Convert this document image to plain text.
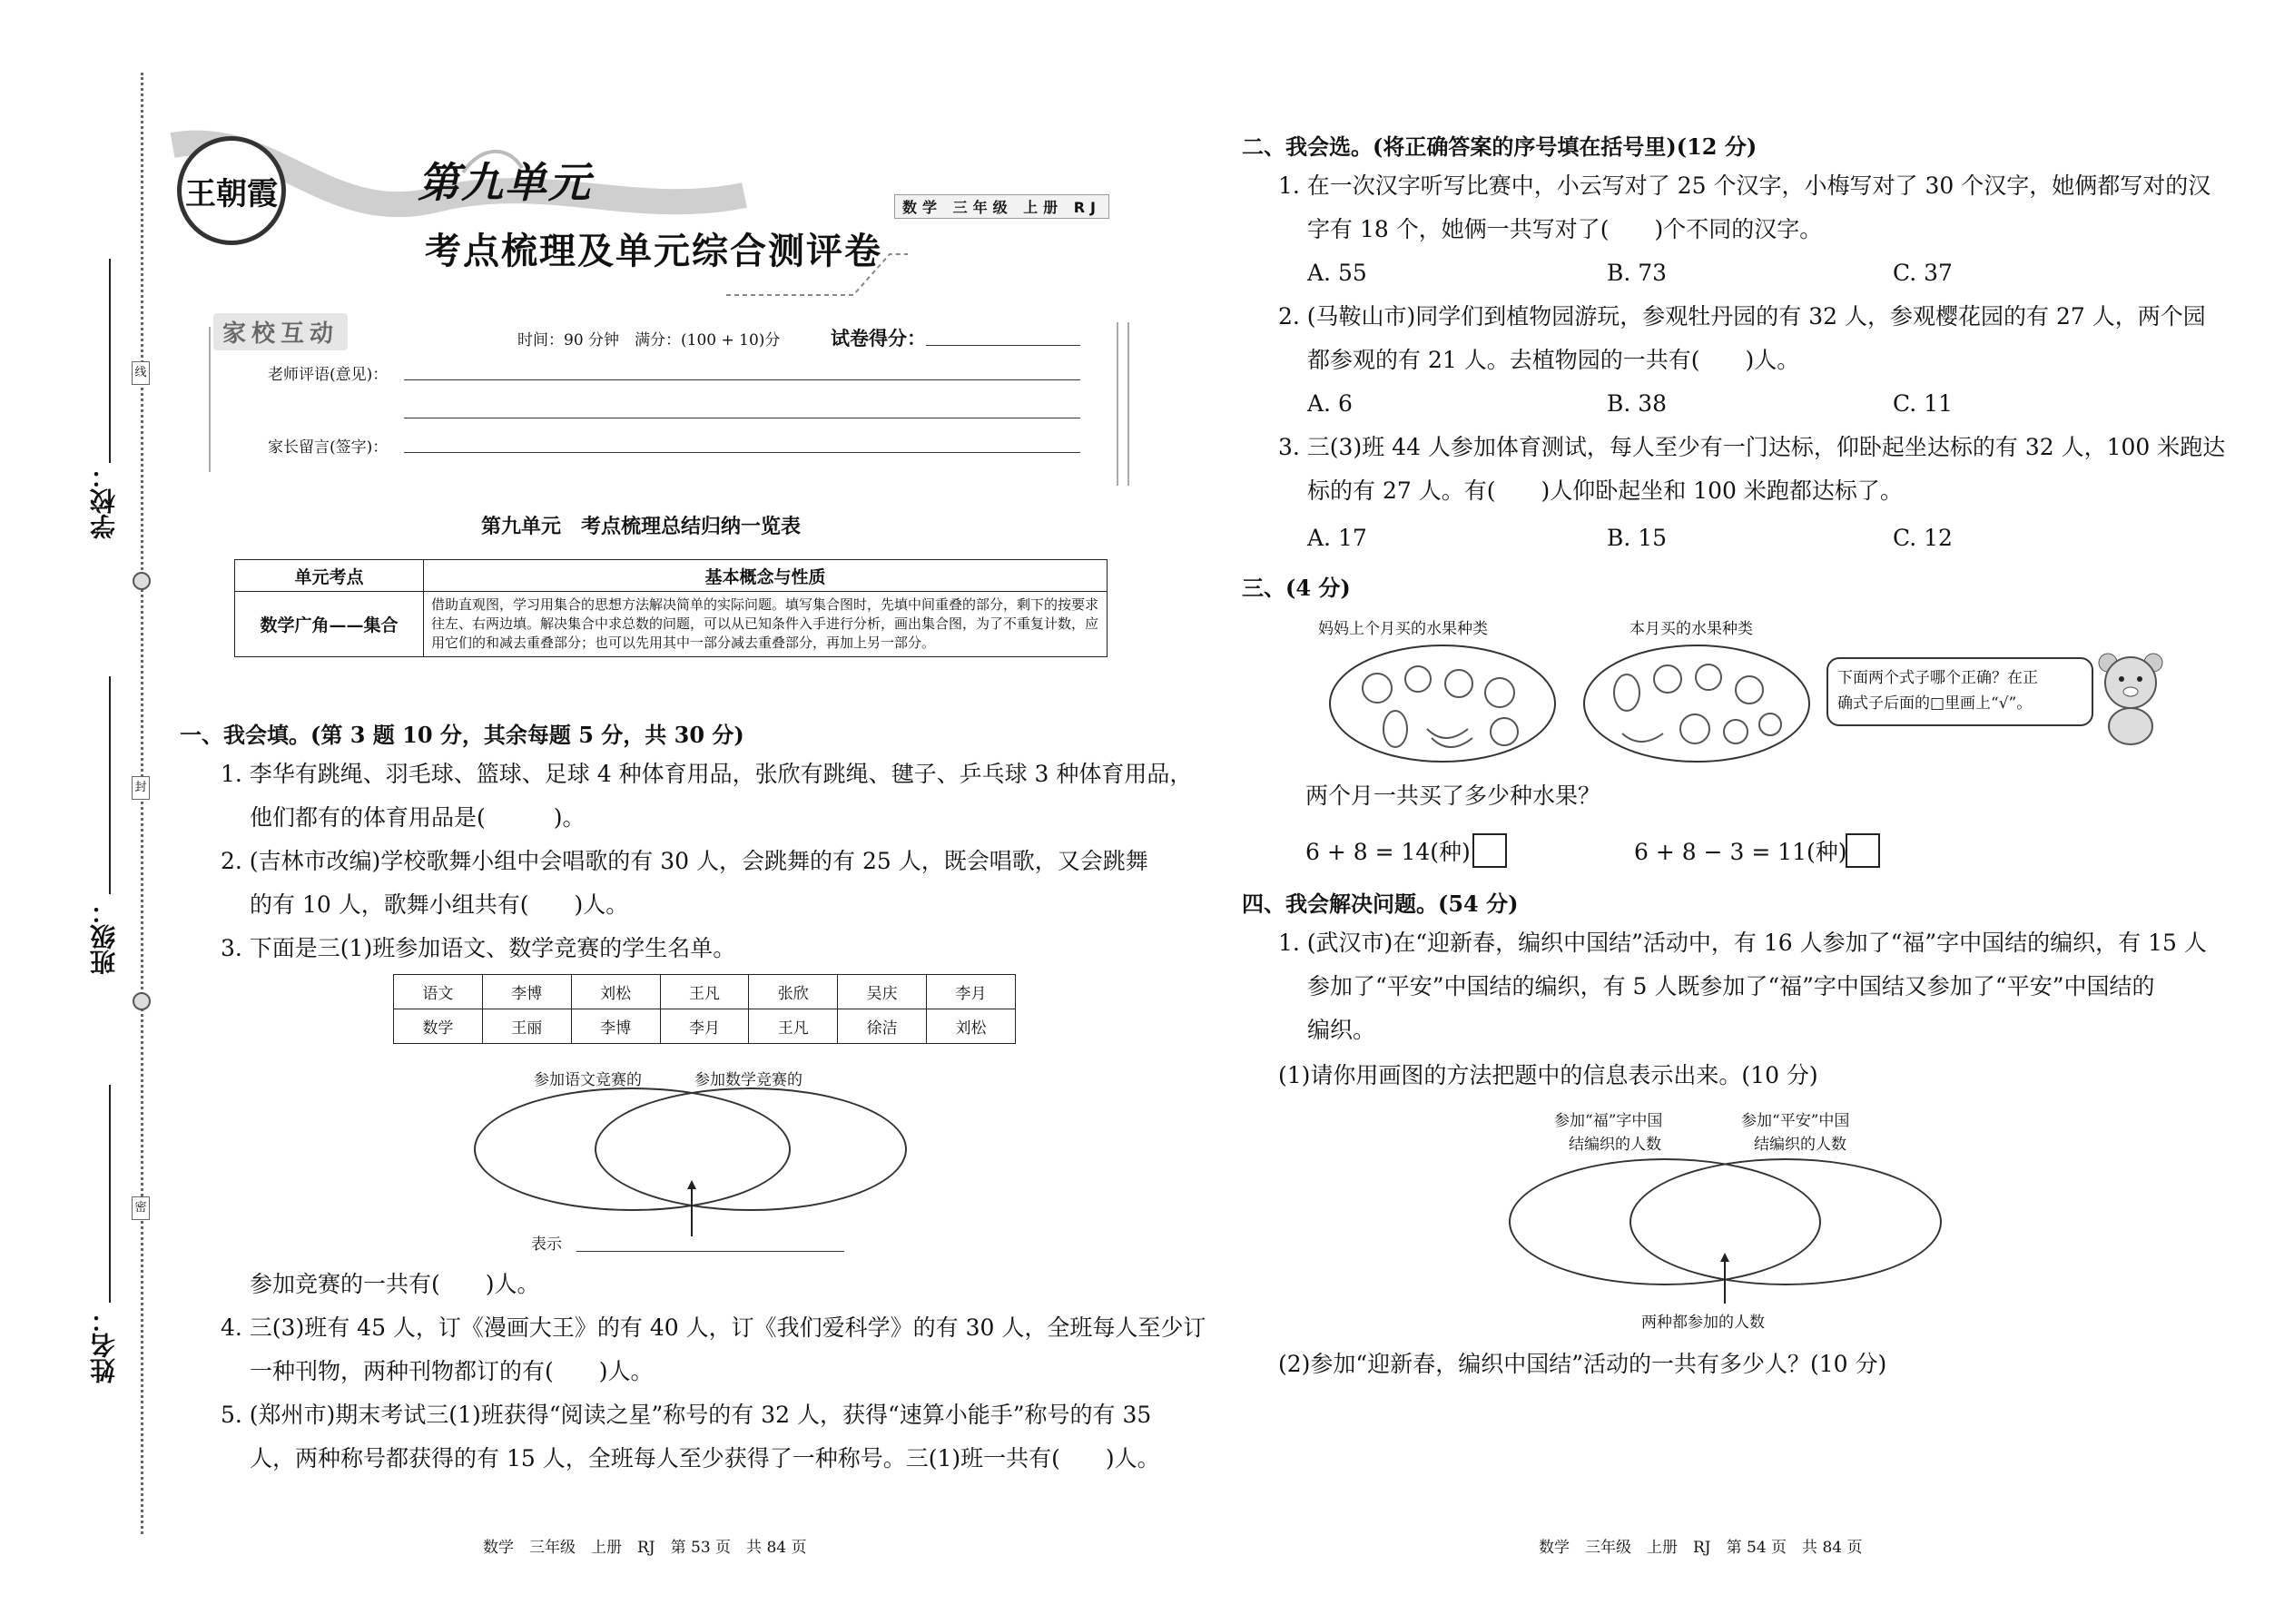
学校：
班级：
姓名：
线
封
密
王朝霞	第九单元
考点梳理及单元综合测评卷
数学 三年级 上册 RJ
家校互动	时间：90 分钟　满分：(100 + 10)分	试卷得分：
老师评语(意见)：
家长留言(签字)：
第九单元　考点梳理总结归纳一览表
单元考点	基本概念与性质
数学广角——集合	借助直观图，学习用集合的思想方法解决简单的实际问题。填写集合图时，先填中间重叠的部分，剩下的按要求往左、右两边填。解决集合中求总数的问题，可以从已知条件入手进行分析，画出集合图，为了不重复计数，应用它们的和减去重叠部分；也可以先用其中一部分减去重叠部分，再加上另一部分。
一、我会填。(第 3 题 10 分，其余每题 5 分，共 30 分)
1. 李华有跳绳、羽毛球、篮球、足球 4 种体育用品，张欣有跳绳、毽子、乒乓球 3 种体育用品，
他们都有的体育用品是(　　　)。
2. (吉林市改编)学校歌舞小组中会唱歌的有 30 人，会跳舞的有 25 人，既会唱歌，又会跳舞
的有 10 人，歌舞小组共有(　　)人。
3. 下面是三(1)班参加语文、数学竞赛的学生名单。
语文	李博	刘松	王凡	张欣	吴庆	李月
数学	王丽	李博	李月	王凡	徐洁	刘松
参加语文竞赛的	参加数学竞赛的
表示
参加竞赛的一共有(　　)人。
4. 三(3)班有 45 人，订《漫画大王》的有 40 人，订《我们爱科学》的有 30 人，全班每人至少订
一种刊物，两种刊物都订的有(　　)人。
5. (郑州市)期末考试三(1)班获得“阅读之星”称号的有 32 人，获得“速算小能手”称号的有 35
人，两种称号都获得的有 15 人，全班每人至少获得了一种称号。三(1)班一共有(　　)人。
数学　三年级　上册　RJ　第 53 页　共 84 页
二、我会选。(将正确答案的序号填在括号里)(12 分)
1. 在一次汉字听写比赛中，小云写对了 25 个汉字，小梅写对了 30 个汉字，她俩都写对的汉
字有 18 个，她俩一共写对了(　　)个不同的汉字。
A. 55	B. 73	C. 37
2. (马鞍山市)同学们到植物园游玩，参观牡丹园的有 32 人，参观樱花园的有 27 人，两个园
都参观的有 21 人。去植物园的一共有(　　)人。
A. 6	B. 38	C. 11
3. 三(3)班 44 人参加体育测试，每人至少有一门达标，仰卧起坐达标的有 32 人，100 米跑达
标的有 27 人。有(　　)人仰卧起坐和 100 米跑都达标了。
A. 17	B. 15	C. 12
三、(4 分)
妈妈上个月买的水果种类	本月买的水果种类
下面两个式子哪个正确？在正
确式子后面的□里画上“√”。
两个月一共买了多少种水果？
6 + 8 = 14(种)	6 + 8 − 3 = 11(种)
四、我会解决问题。(54 分)
1. (武汉市)在“迎新春，编织中国结”活动中，有 16 人参加了“福”字中国结的编织，有 15 人
参加了“平安”中国结的编织，有 5 人既参加了“福”字中国结又参加了“平安”中国结的
编织。
(1)请你用画图的方法把题中的信息表示出来。(10 分)
参加“福”字中国
结编织的人数
参加“平安”中国
结编织的人数
两种都参加的人数
(2)参加“迎新春，编织中国结”活动的一共有多少人？(10 分)
数学　三年级　上册　RJ　第 54 页　共 84 页
